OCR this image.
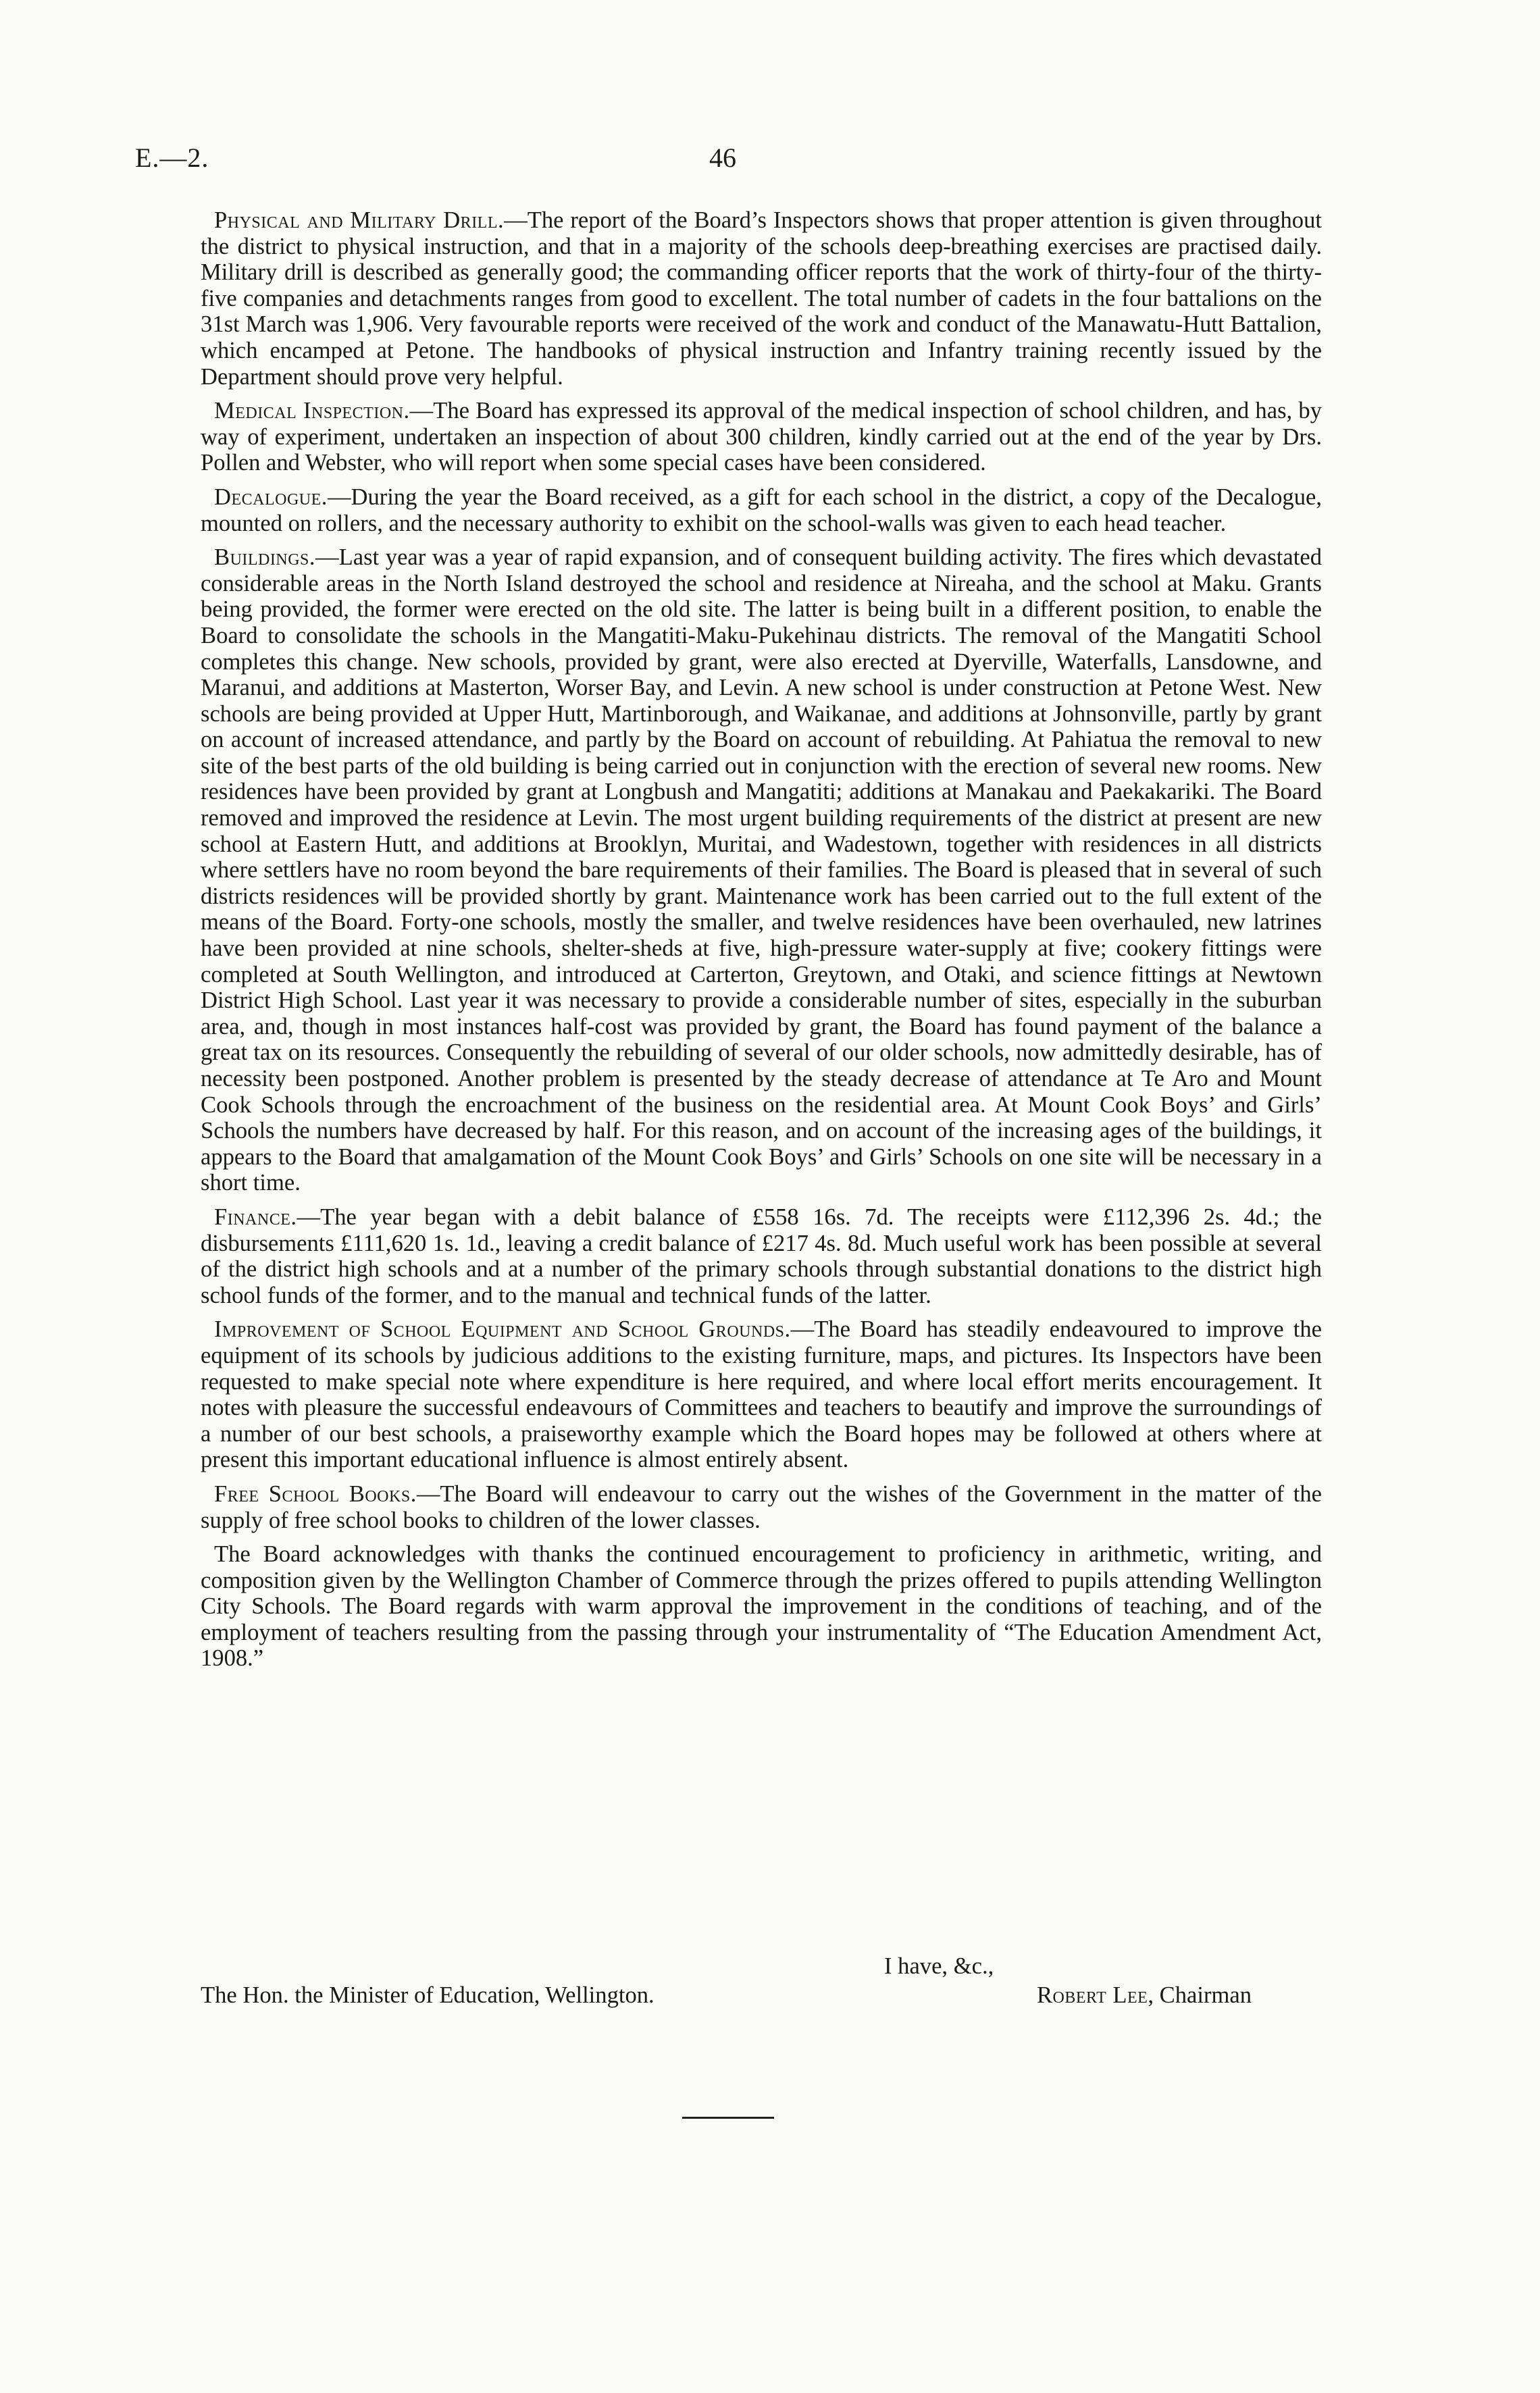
E.—2.	46

Physical and Military Drill.—The report of the Board’s Inspectors shows that proper attention is given throughout the district to physical instruction, and that in a majority of the schools deep-breathing exercises are practised daily. Military drill is described as generally good; the commanding officer reports that the work of thirty-four of the thirty-five companies and detachments ranges from good to excellent. The total number of cadets in the four battalions on the 31st March was 1,906. Very favourable reports were received of the work and conduct of the Manawatu-Hutt Battalion, which encamped at Petone. The handbooks of physical instruction and Infantry training recently issued by the Department should prove very helpful.

Medical Inspection.—The Board has expressed its approval of the medical inspection of school children, and has, by way of experiment, undertaken an inspection of about 300 children, kindly carried out at the end of the year by Drs. Pollen and Webster, who will report when some special cases have been considered.

Decalogue.—During the year the Board received, as a gift for each school in the district, a copy of the Decalogue, mounted on rollers, and the necessary authority to exhibit on the school-walls was given to each head teacher.

Buildings.—Last year was a year of rapid expansion, and of consequent building activity. The fires which devastated considerable areas in the North Island destroyed the school and residence at Nireaha, and the school at Maku. Grants being provided, the former were erected on the old site. The latter is being built in a different position, to enable the Board to consolidate the schools in the Mangatiti-Maku-Pukehinau districts. The removal of the Mangatiti School completes this change. New schools, provided by grant, were also erected at Dyerville, Waterfalls, Lansdowne, and Maranui, and additions at Masterton, Worser Bay, and Levin. A new school is under construction at Petone West. New schools are being provided at Upper Hutt, Martinborough, and Waikanae, and additions at Johnsonville, partly by grant on account of increased attendance, and partly by the Board on account of rebuilding. At Pahiatua the removal to new site of the best parts of the old building is being carried out in conjunction with the erection of several new rooms. New residences have been provided by grant at Longbush and Mangatiti; additions at Manakau and Paekakariki. The Board removed and improved the residence at Levin. The most urgent building requirements of the district at present are new school at Eastern Hutt, and additions at Brooklyn, Muritai, and Wadestown, together with residences in all districts where settlers have no room beyond the bare requirements of their families. The Board is pleased that in several of such districts residences will be provided shortly by grant. Maintenance work has been carried out to the full extent of the means of the Board. Forty-one schools, mostly the smaller, and twelve residences have been overhauled, new latrines have been provided at nine schools, shelter-sheds at five, high-pressure water-supply at five; cookery fittings were completed at South Wellington, and introduced at Carterton, Greytown, and Otaki, and science fittings at Newtown District High School. Last year it was necessary to provide a considerable number of sites, especially in the suburban area, and, though in most instances half-cost was provided by grant, the Board has found payment of the balance a great tax on its resources. Consequently the rebuilding of several of our older schools, now admittedly desirable, has of necessity been postponed. Another problem is presented by the steady decrease of attendance at Te Aro and Mount Cook Schools through the encroachment of the business on the residential area. At Mount Cook Boys’ and Girls’ Schools the numbers have decreased by half. For this reason, and on account of the increasing ages of the buildings, it appears to the Board that amalgamation of the Mount Cook Boys’ and Girls’ Schools on one site will be necessary in a short time.

Finance.—The year began with a debit balance of £558 16s. 7d. The receipts were £112,396 2s. 4d.; the disbursements £111,620 1s. 1d., leaving a credit balance of £217 4s. 8d. Much useful work has been possible at several of the district high schools and at a number of the primary schools through substantial donations to the district high school funds of the former, and to the manual and technical funds of the latter.

Improvement of School Equipment and School Grounds.—The Board has steadily endeavoured to improve the equipment of its schools by judicious additions to the existing furniture, maps, and pictures. Its Inspectors have been requested to make special note where expenditure is here required, and where local effort merits encouragement. It notes with pleasure the successful endeavours of Committees and teachers to beautify and improve the surroundings of a number of our best schools, a praiseworthy example which the Board hopes may be followed at others where at present this important educational influence is almost entirely absent.

Free School Books.—The Board will endeavour to carry out the wishes of the Government in the matter of the supply of free school books to children of the lower classes.

The Board acknowledges with thanks the continued encouragement to proficiency in arithmetic, writing, and composition given by the Wellington Chamber of Commerce through the prizes offered to pupils attending Wellington City Schools. The Board regards with warm approval the improvement in the conditions of teaching, and of the employment of teachers resulting from the passing through your instrumentality of “The Education Amendment Act, 1908.”

I have, &c.,
The Hon. the Minister of Education, Wellington.	Robert Lee, Chairman
